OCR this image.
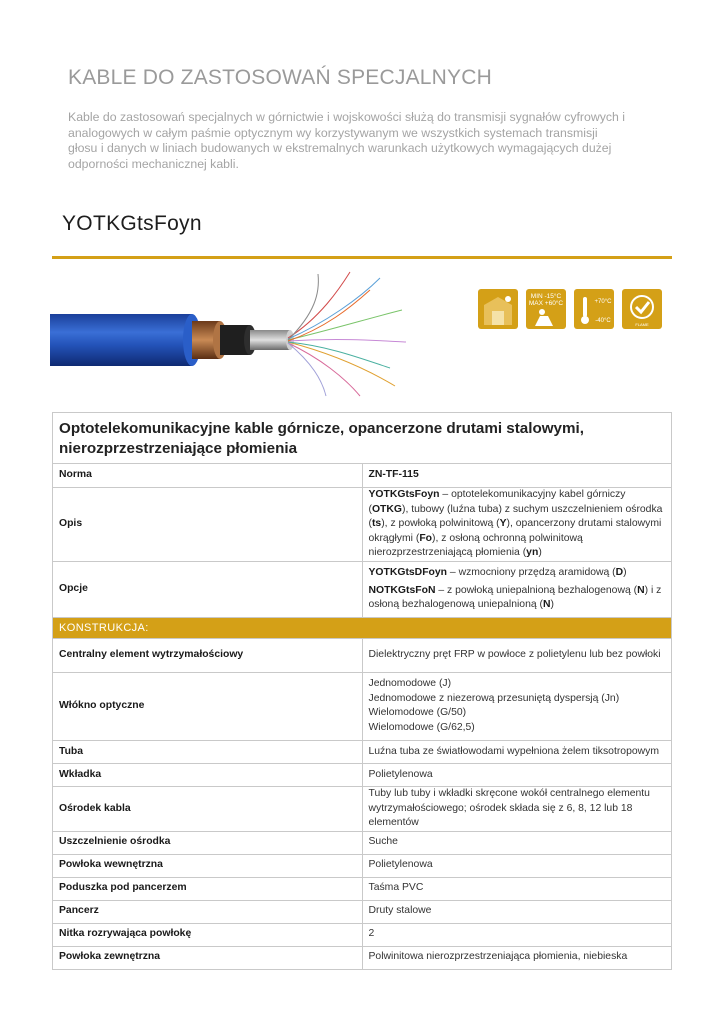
KABLE DO ZASTOSOWAŃ SPECJALNYCH

Kable do zastosowań specjalnych w górnictwie i wojskowości służą do transmisji sygnałów cyfrowych i analogowych w całym paśmie optycznym wy korzystywanym we wszystkich systemach transmisji głosu i danych w liniach budowanych w ekstremalnych warunkach użytkowych wymagających dużej odporności mechanicznej kabli.

YOTKGtsFoyn
MIN -15°C
MAX +60°C	+70°C
-40°C
FLAME
Optotelekomunikacyjne kable górnicze, opancerzone drutami stalowymi, nierozprzestrzeniające płomienia	
Norma	ZN-TF-115
Opis	YOTKGtsFoyn – optotelekomunikacyjny kabel górniczy (OTKG), tubowy (luźna tuba) z suchym uszczelnieniem ośrodka (ts), z powłoką polwinitową (Y), opancerzony drutami stalowymi okrągłymi (Fo), z osłoną ochronną polwinitową nierozprzestrzeniającą płomienia (yn)
Opcje	YOTKGtsDFoyn – wzmocniony przędzą aramidową (D)
NOTKGtsFoN – z powłoką uniepalnioną bezhalogenową (N) i z osłoną bezhalogenową uniepalnioną (N)

KONSTRUKCJA:	
Centralny element wytrzymałościowy	Dielektryczny pręt FRP w powłoce z polietylenu lub bez powłoki
Włókno optyczne	Jednomodowe (J)
Jednomodowe z niezerową przesuniętą dyspersją (Jn)
Wielomodowe (G/50)
Wielomodowe (G/62,5)

Tuba	Luźna tuba ze światłowodami wypełniona żelem tiksotropowym
Wkładka	Polietylenowa
Ośrodek kabla	Tuby lub tuby i wkładki skręcone wokół centralnego elementu wytrzymałościowego; ośrodek składa się z 6, 8, 12 lub 18 elementów
Uszczelnienie ośrodka	Suche
Powłoka wewnętrzna	Polietylenowa
Poduszka pod pancerzem	Taśma PVC
Pancerz	Druty stalowe
Nitka rozrywająca powłokę	2
Powłoka zewnętrzna	Polwinitowa nierozprzestrzeniająca płomienia, niebieska
